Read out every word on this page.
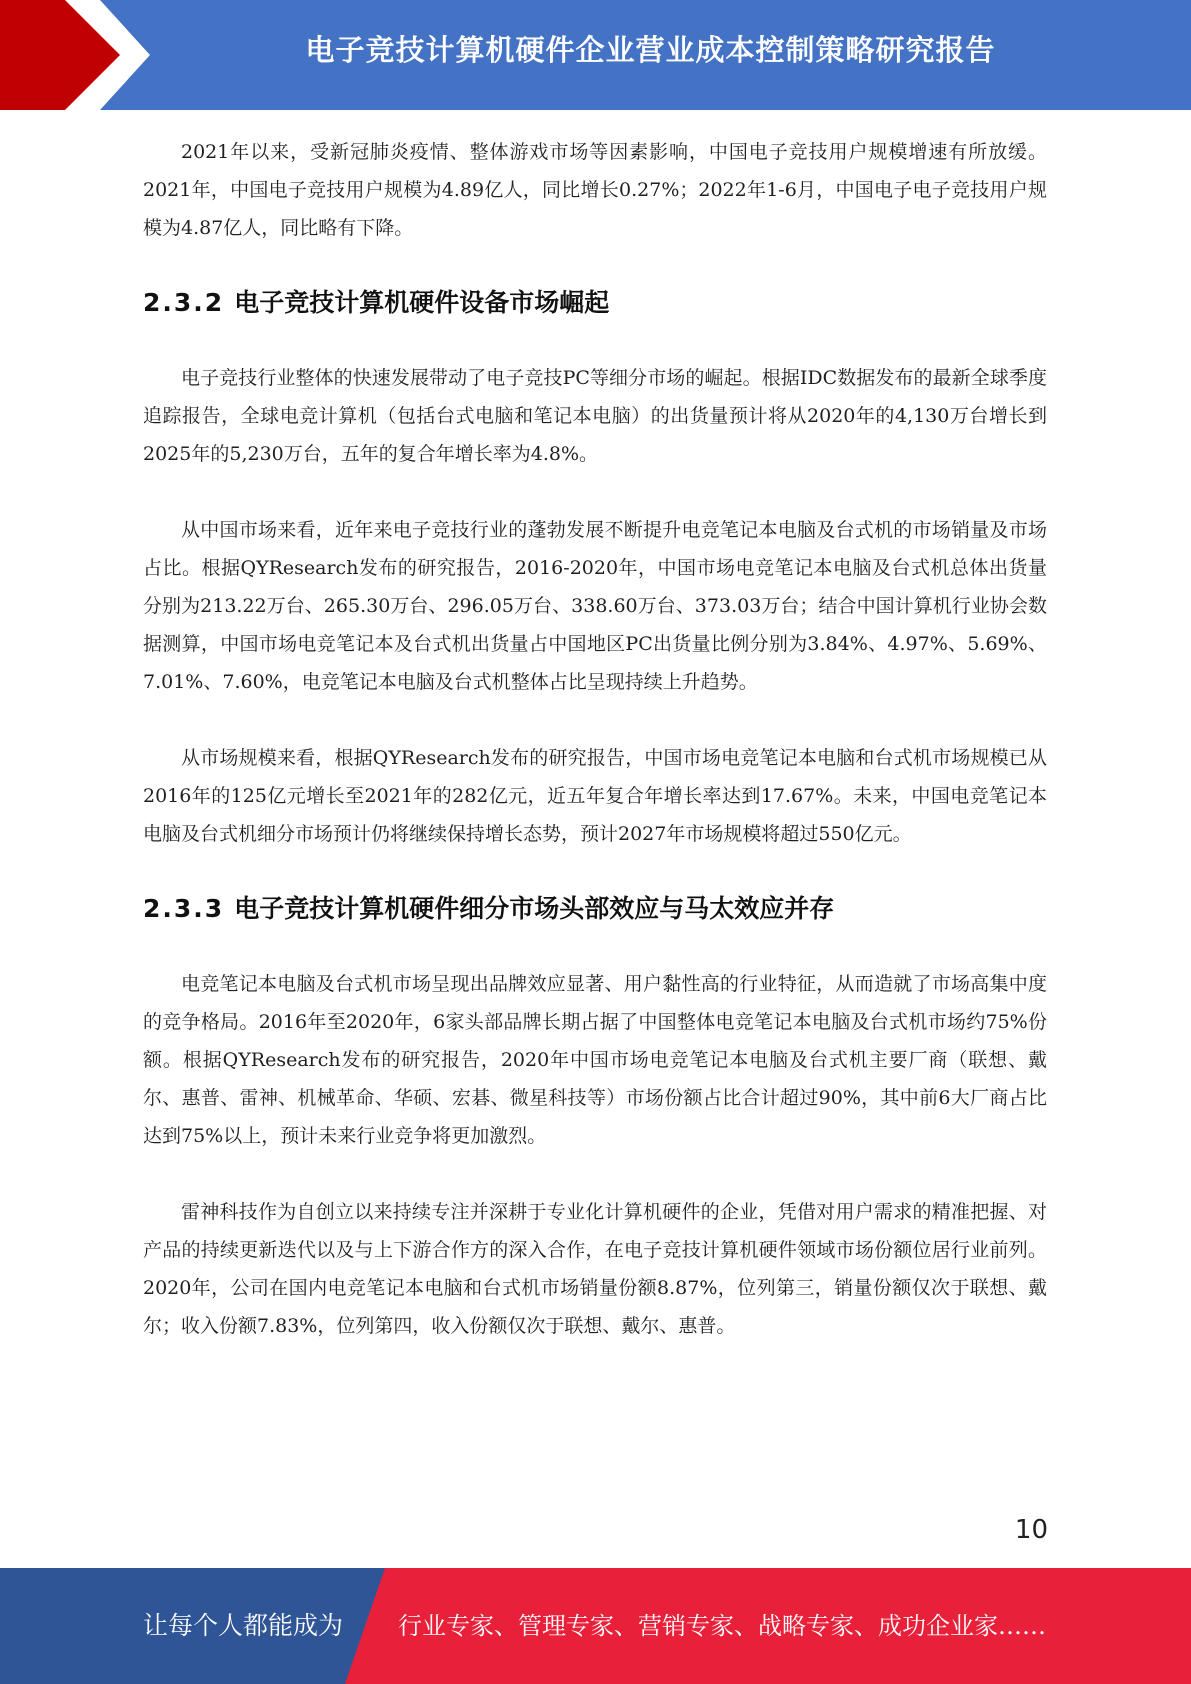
电子竞技计算机硬件企业营业成本控制策略研究报告

2021年以来，受新冠肺炎疫情、整体游戏市场等因素影响，中国电子竞技用户规模增速有所放缓。2021年，中国电子竞技用户规模为4.89亿人，同比增长0.27%；2022年1-6月，中国电子电子竞技用户规模为4.87亿人，同比略有下降。

2.3.2 电子竞技计算机硬件设备市场崛起

电子竞技行业整体的快速发展带动了电子竞技PC等细分市场的崛起。根据IDC数据发布的最新全球季度追踪报告，全球电竞计算机（包括台式电脑和笔记本电脑）的出货量预计将从2020年的4,130万台增长到2025年的5,230万台，五年的复合年增长率为4.8%。

从中国市场来看，近年来电子竞技行业的蓬勃发展不断提升电竞笔记本电脑及台式机的市场销量及市场占比。根据QYResearch发布的研究报告，2016-2020年，中国市场电竞笔记本电脑及台式机总体出货量分别为213.22万台、265.30万台、296.05万台、338.60万台、373.03万台；结合中国计算机行业协会数据测算，中国市场电竞笔记本及台式机出货量占中国地区PC出货量比例分别为3.84%、4.97%、5.69%、7.01%、7.60%，电竞笔记本电脑及台式机整体占比呈现持续上升趋势。

从市场规模来看，根据QYResearch发布的研究报告，中国市场电竞笔记本电脑和台式机市场规模已从2016年的125亿元增长至2021年的282亿元，近五年复合年增长率达到17.67%。未来，中国电竞笔记本电脑及台式机细分市场预计仍将继续保持增长态势，预计2027年市场规模将超过550亿元。

2.3.3 电子竞技计算机硬件细分市场头部效应与马太效应并存

电竞笔记本电脑及台式机市场呈现出品牌效应显著、用户黏性高的行业特征，从而造就了市场高集中度的竞争格局。2016年至2020年，6家头部品牌长期占据了中国整体电竞笔记本电脑及台式机市场约75%份额。根据QYResearch发布的研究报告，2020年中国市场电竞笔记本电脑及台式机主要厂商（联想、戴尔、惠普、雷神、机械革命、华硕、宏碁、微星科技等）市场份额占比合计超过90%，其中前6大厂商占比达到75%以上，预计未来行业竞争将更加激烈。

雷神科技作为自创立以来持续专注并深耕于专业化计算机硬件的企业，凭借对用户需求的精准把握、对产品的持续更新迭代以及与上下游合作方的深入合作，在电子竞技计算机硬件领域市场份额位居行业前列。2020年，公司在国内电竞笔记本电脑和台式机市场销量份额8.87%，位列第三，销量份额仅次于联想、戴尔；收入份额7.83%，位列第四，收入份额仅次于联想、戴尔、惠普。

10
让每个人都能成为 行业专家、管理专家、营销专家、战略专家、成功企业家……
